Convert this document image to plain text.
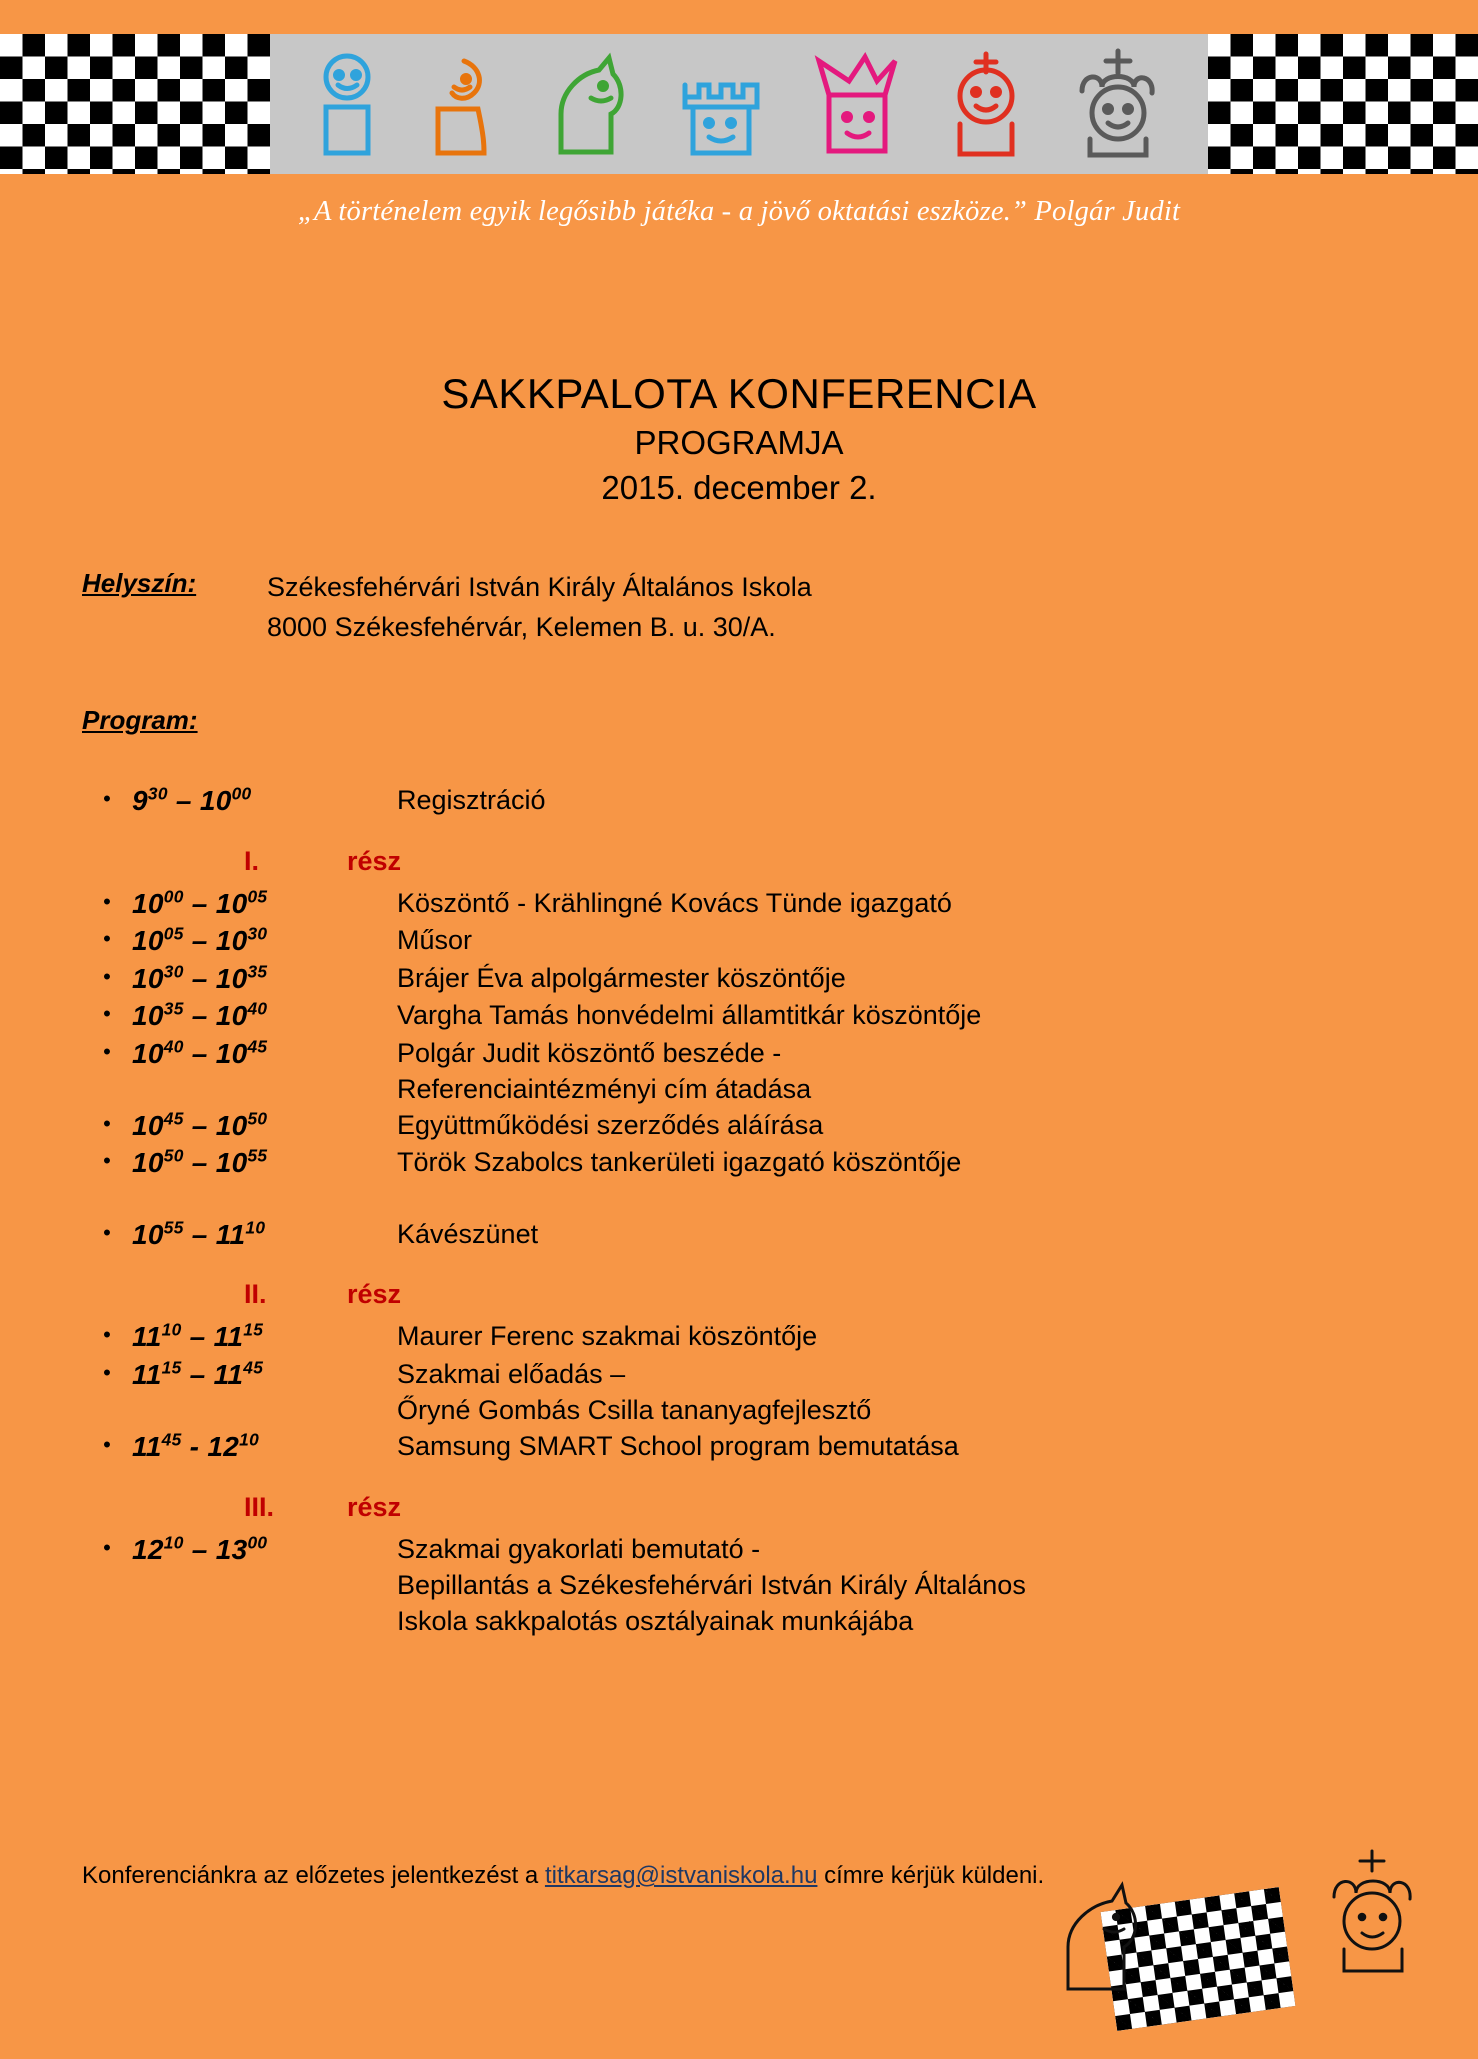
„A történelem egyik legősibb játéka - a jövő oktatási eszköze.” Polgár Judit
SAKKPALOTA KONFERENCIA
PROGRAMJA
2015. december 2.
Helyszín:	Székesfehérvári István Király Általános Iskola
8000 Székesfehérvár, Kelemen B. u. 30/A.
Program:
• $9^{30} - 10^{00}$	Regisztráció
I.	rész
• $10^{00} - 10^{05}$	Köszöntő - Krählingné Kovács Tünde igazgató
• $10^{05} - 10^{30}$	Műsor
• $10^{30} - 10^{35}$	Brájer Éva alpolgármester köszöntője
• $10^{35} - 10^{40}$	Vargha Tamás honvédelmi államtitkár köszöntője
• $10^{40} - 10^{45}$	Polgár Judit köszöntő beszéde -
Referenciaintézményi cím átadása
• $10^{45} - 10^{50}$	Együttműködési szerződés aláírása
• $10^{50} - 10^{55}$	Török Szabolcs tankerületi igazgató köszöntője
• $10^{55} - 11^{10}$	Kávészünet
II.	rész
• $11^{10} - 11^{15}$	Maurer Ferenc szakmai köszöntője
• $11^{15} - 11^{45}$	Szakmai előadás –
Őryné Gombás Csilla tananyagfejlesztő
• $11^{45} - 12^{10}$	Samsung SMART School program bemutatása
III.	rész
• $12^{10} - 13^{00}$	Szakmai gyakorlati bemutató -
Bepillantás a Székesfehérvári István Király Általános
Iskola sakkpalotás osztályainak munkájába
Konferenciánkra az előzetes jelentkezést a titkarsag@istvaniskola.hu címre kérjük küldeni.
